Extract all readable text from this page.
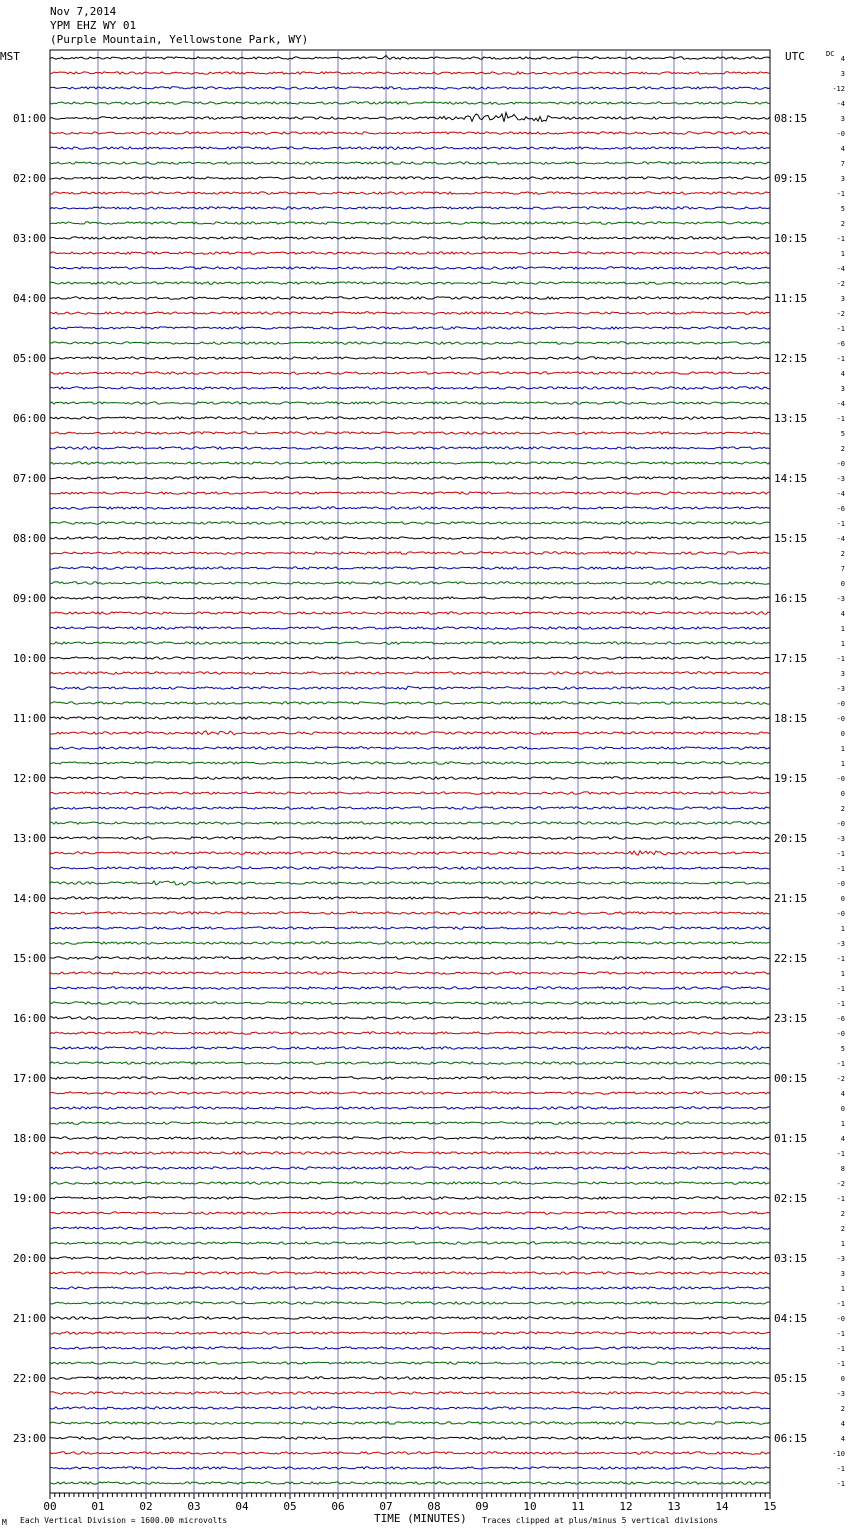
Nov 7,2014
YPM EHZ WY 01
(Purple Mountain, Yellowstone Park, WY)
MST	UTC	DC
4
3
-12
-4
3
01:00	08:15
-0
4
7
3
02:00	09:15
-1
5
2
-1
03:00	10:15
1
-4
-2
3
04:00	11:15
-2
-1
-6
-1
05:00	12:15
4
3
-4
-1
06:00	13:15
5
2
-0
-3
07:00	14:15
-4
-6
-1
-4
08:00	15:15
2
7
0
-3
09:00	16:15
4
1
1
-1
10:00	17:15
3
-3
-0
-0
11:00	18:15
0
1
1
-0
12:00	19:15
0
2
-0
-3
13:00	20:15
-1
-1
-0
0
14:00	21:15
-0
1
-3
-1
15:00	22:15
1
-1
-1
-6
16:00	23:15
-0
5
-1
-2
17:00	00:15
4
0
1
4
18:00	01:15
-1
8
-2
-1
19:00	02:15
2
2
1
-3
20:00	03:15
3
1
-1
-0
21:00	04:15
-1
-1
-1
0
22:00	05:15
-3
2
4
4
23:00	06:15
-10
-1
-1
00	01	02	03	04	05	06	07	08	09	10	11	12	13	14	15
M Each Vertical Division = 1600.00 microvolts	TIME (MINUTES) Traces clipped at plus/minus 5 vertical divisions
